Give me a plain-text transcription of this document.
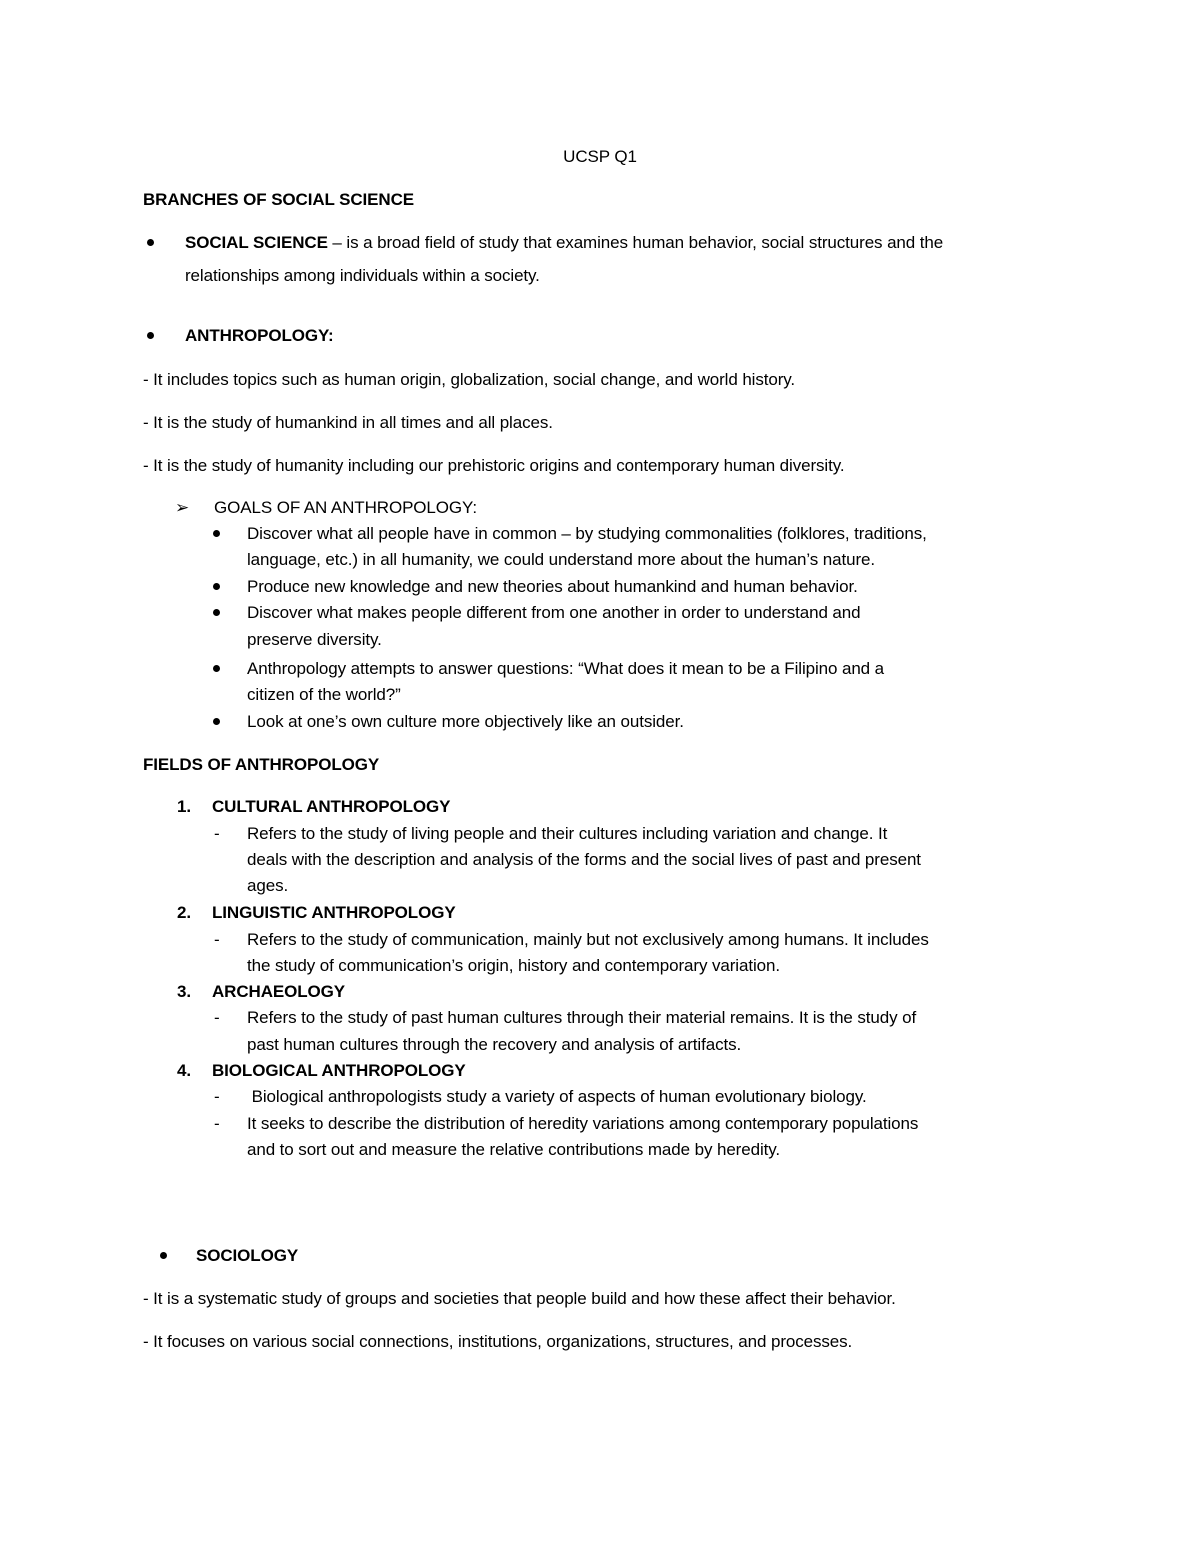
UCSP Q1
BRANCHES OF SOCIAL SCIENCE
SOCIAL SCIENCE – is a broad field of study that examines human behavior, social structures and the
relationships among individuals within a society.
ANTHROPOLOGY:
- It includes topics such as human origin, globalization, social change, and world history.
- It is the study of humankind in all times and all places.
- It is the study of humanity including our prehistoric origins and contemporary human diversity.
➢ GOALS OF AN ANTHROPOLOGY:
Discover what all people have in common – by studying commonalities (folklores, traditions,
language, etc.) in all humanity, we could understand more about the human’s nature.
Produce new knowledge and new theories about humankind and human behavior.
Discover what makes people different from one another in order to understand and
preserve diversity.
Anthropology attempts to answer questions: “What does it mean to be a Filipino and a
citizen of the world?”
Look at one’s own culture more objectively like an outsider.
FIELDS OF ANTHROPOLOGY
1. CULTURAL ANTHROPOLOGY
- Refers to the study of living people and their cultures including variation and change. It
deals with the description and analysis of the forms and the social lives of past and present
ages.
2. LINGUISTIC ANTHROPOLOGY
- Refers to the study of communication, mainly but not exclusively among humans. It includes
the study of communication’s origin, history and contemporary variation.
3. ARCHAEOLOGY
- Refers to the study of past human cultures through their material remains. It is the study of
past human cultures through the recovery and analysis of artifacts.
4. BIOLOGICAL ANTHROPOLOGY
- Biological anthropologists study a variety of aspects of human evolutionary biology.
- It seeks to describe the distribution of heredity variations among contemporary populations
and to sort out and measure the relative contributions made by heredity.
SOCIOLOGY
- It is a systematic study of groups and societies that people build and how these affect their behavior.
- It focuses on various social connections, institutions, organizations, structures, and processes.
